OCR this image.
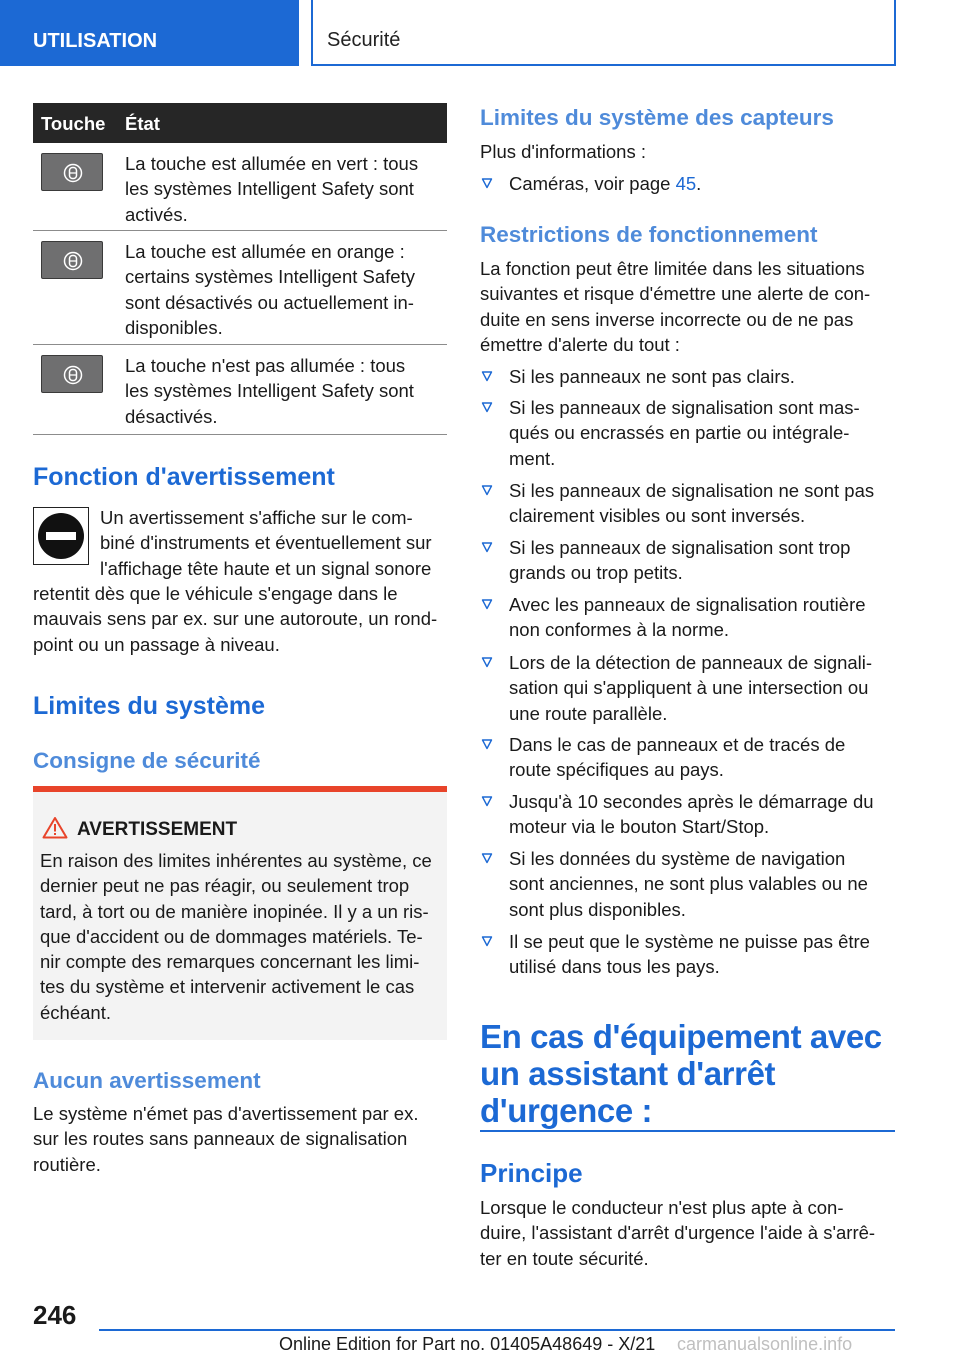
UTILISATION	Sécurité
Touche État
La touche est allumée en vert : tous
les systèmes Intelligent Safety sont
activés.
La touche est allumée en orange :
certains systèmes Intelligent Safety
sont désactivés ou actuellement in‐
disponibles.
La touche n'est pas allumée : tous
les systèmes Intelligent Safety sont
désactivés.
Fonction d'avertissement
Un avertissement s'affiche sur le com‐
biné d'instruments et éventuellement sur
l'affichage tête haute et un signal sonore
retentit dès que le véhicule s'engage dans le
mauvais sens par ex. sur une autoroute, un rond‐
point ou un passage à niveau.
Limites du système
Consigne de sécurité
AVERTISSEMENT
En raison des limites inhérentes au système, ce
dernier peut ne pas réagir, ou seulement trop
tard, à tort ou de manière inopinée. Il y a un ris‐
que d'accident ou de dommages matériels. Te‐
nir compte des remarques concernant les limi‐
tes du système et intervenir activement le cas
échéant.
Aucun avertissement
Le système n'émet pas d'avertissement par ex.
sur les routes sans panneaux de signalisation
routière.
Limites du système des capteurs
Plus d'informations :
Caméras, voir page 45.
Restrictions de fonctionnement
La fonction peut être limitée dans les situations
suivantes et risque d'émettre une alerte de con‐
duite en sens inverse incorrecte ou de ne pas
émettre d'alerte du tout :
Si les panneaux ne sont pas clairs.
Si les panneaux de signalisation sont mas‐
qués ou encrassés en partie ou intégrale‐
ment.
Si les panneaux de signalisation ne sont pas
clairement visibles ou sont inversés.
Si les panneaux de signalisation sont trop
grands ou trop petits.
Avec les panneaux de signalisation routière
non conformes à la norme.
Lors de la détection de panneaux de signali‐
sation qui s'appliquent à une intersection ou
une route parallèle.
Dans le cas de panneaux et de tracés de
route spécifiques au pays.
Jusqu'à 10 secondes après le démarrage du
moteur via le bouton Start/Stop.
Si les données du système de navigation
sont anciennes, ne sont plus valables ou ne
sont plus disponibles.
Il se peut que le système ne puisse pas être
utilisé dans tous les pays.
En cas d'équipement avec
un assistant d'arrêt
d'urgence :
Principe
Lorsque le conducteur n'est plus apte à con‐
duire, l'assistant d'arrêt d'urgence l'aide à s'arrê‐
ter en toute sécurité.
246
Online Edition for Part no. 01405A48649 - X/21 carmanualsonline.info
